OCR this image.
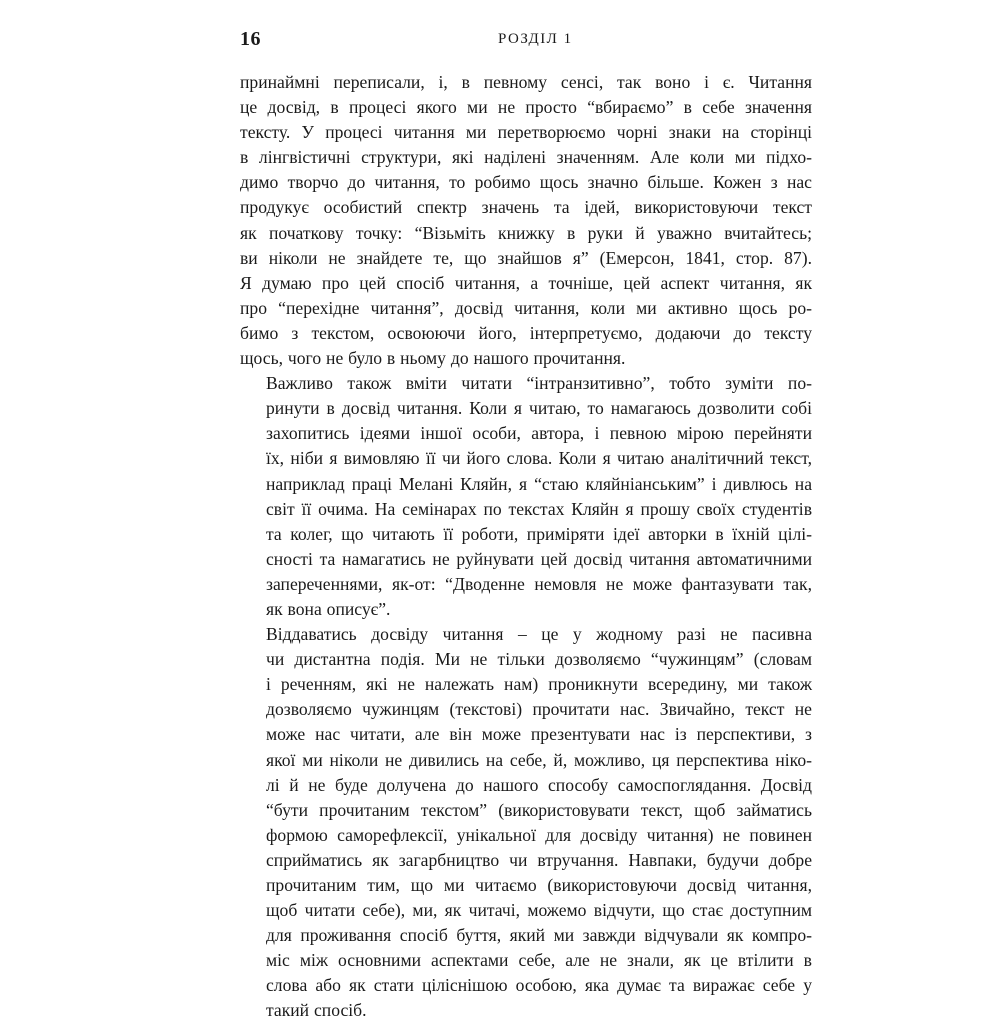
16	РОЗДІЛ 1

принаймні переписали, і, в певному сенсі, так воно і є. Читання
це досвід, в процесі якого ми не просто “вбираємо” в себе значення
тексту. У процесі читання ми перетворюємо чорні знаки на сторінці
в лінгвістичні структури, які наділені значенням. Але коли ми підхо-
димо творчо до читання, то робимо щось значно більше. Кожен з нас
продукує особистий спектр значень та ідей, використовуючи текст
як початкову точку: “Візьміть книжку в руки й уважно вчитайтесь;
ви ніколи не знайдете те, що знайшов я” (Емерсон, 1841, стор. 87).
Я думаю про цей спосіб читання, а точніше, цей аспект читання, як
про “перехідне читання”, досвід читання, коли ми активно щось ро-
бимо з текстом, освоюючи його, інтерпретуємо, додаючи до тексту
щось, чого не було в ньому до нашого прочитання.

Важливо також вміти читати “інтранзитивно”, тобто зуміти по-
ринути в досвід читання. Коли я читаю, то намагаюсь дозволити собі
захопитись ідеями іншої особи, автора, і певною мірою перейняти
їх, ніби я вимовляю її чи його слова. Коли я читаю аналітичний текст,
наприклад праці Мелані Кляйн, я “стаю кляйніанським” і дивлюсь на
світ її очима. На семінарах по текстах Кляйн я прошу своїх студентів
та колег, що читають її роботи, приміряти ідеї авторки в їхній цілі-
сності та намагатись не руйнувати цей досвід читання автоматичними
запереченнями, як-от: “Дводенне немовля не може фантазувати так,
як вона описує”.

Віддаватись досвіду читання – це у жодному разі не пасивна
чи дистантна подія. Ми не тільки дозволяємо “чужинцям” (словам
і реченням, які не належать нам) проникнути всередину, ми також
дозволяємо чужинцям (текстові) прочитати нас. Звичайно, текст не
може нас читати, але він може презентувати нас із перспективи, з
якої ми ніколи не дивились на себе, й, можливо, ця перспектива ніко-
лі й не буде долучена до нашого способу самоспоглядання. Досвід
“бути прочитаним текстом” (використовувати текст, щоб займатись
формою саморефлексії, унікальної для досвіду читання) не повинен
сприйматись як загарбництво чи втручання. Навпаки, будучи добре
прочитаним тим, що ми читаємо (використовуючи досвід читання,
щоб читати себе), ми, як читачі, можемо відчути, що стає доступним
для проживання спосіб буття, який ми завжди відчували як компро-
міс між основними аспектами себе, але не знали, як це втілити в
слова або як стати ціліснішою особою, яка думає та виражає себе у
такий спосіб.
